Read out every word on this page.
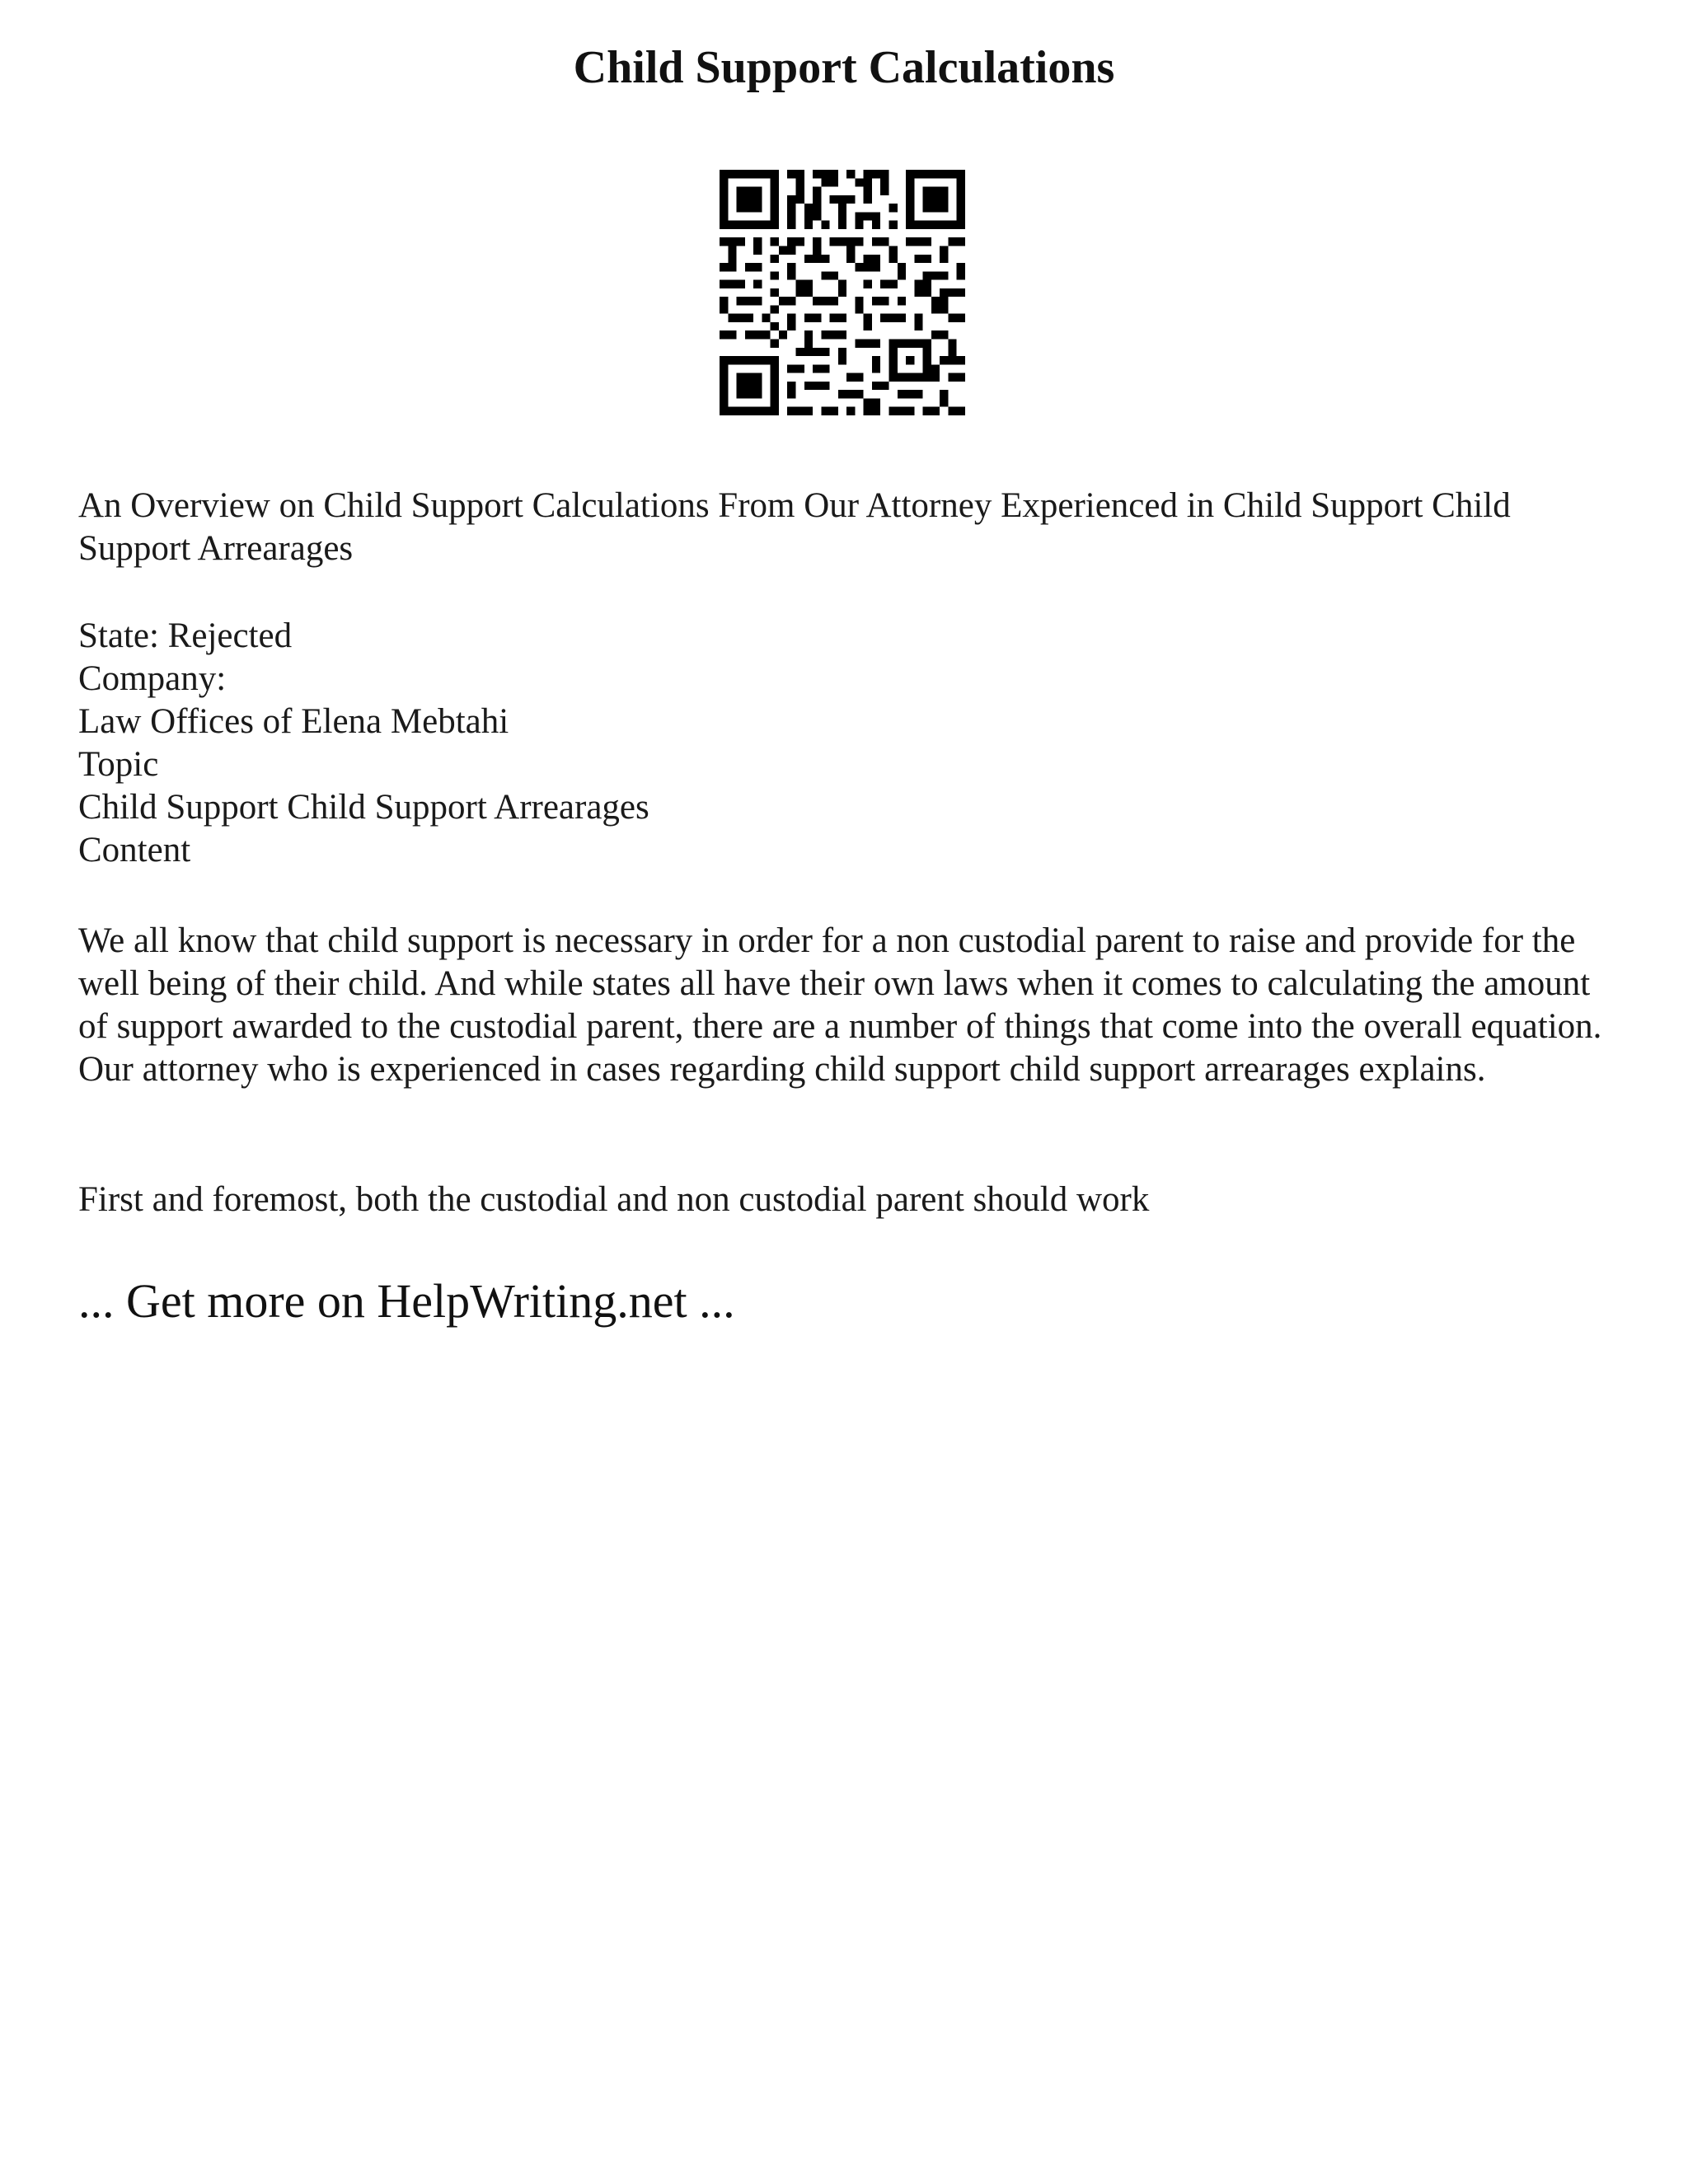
Child Support Calculations

An Overview on Child Support Calculations From Our Attorney Experienced in Child Support Child Support Arrearages

State: Rejected
Company:
Law Offices of Elena Mebtahi
Topic
Child Support Child Support Arrearages
Content

We all know that child support is necessary in order for a non custodial parent to raise and provide for the well being of their child. And while states all have their own laws when it comes to calculating the amount of support awarded to the custodial parent, there are a number of things that come into the overall equation. Our attorney who is experienced in cases regarding child support child support arrearages explains.

First and foremost, both the custodial and non custodial parent should work

... Get more on HelpWriting.net ...
